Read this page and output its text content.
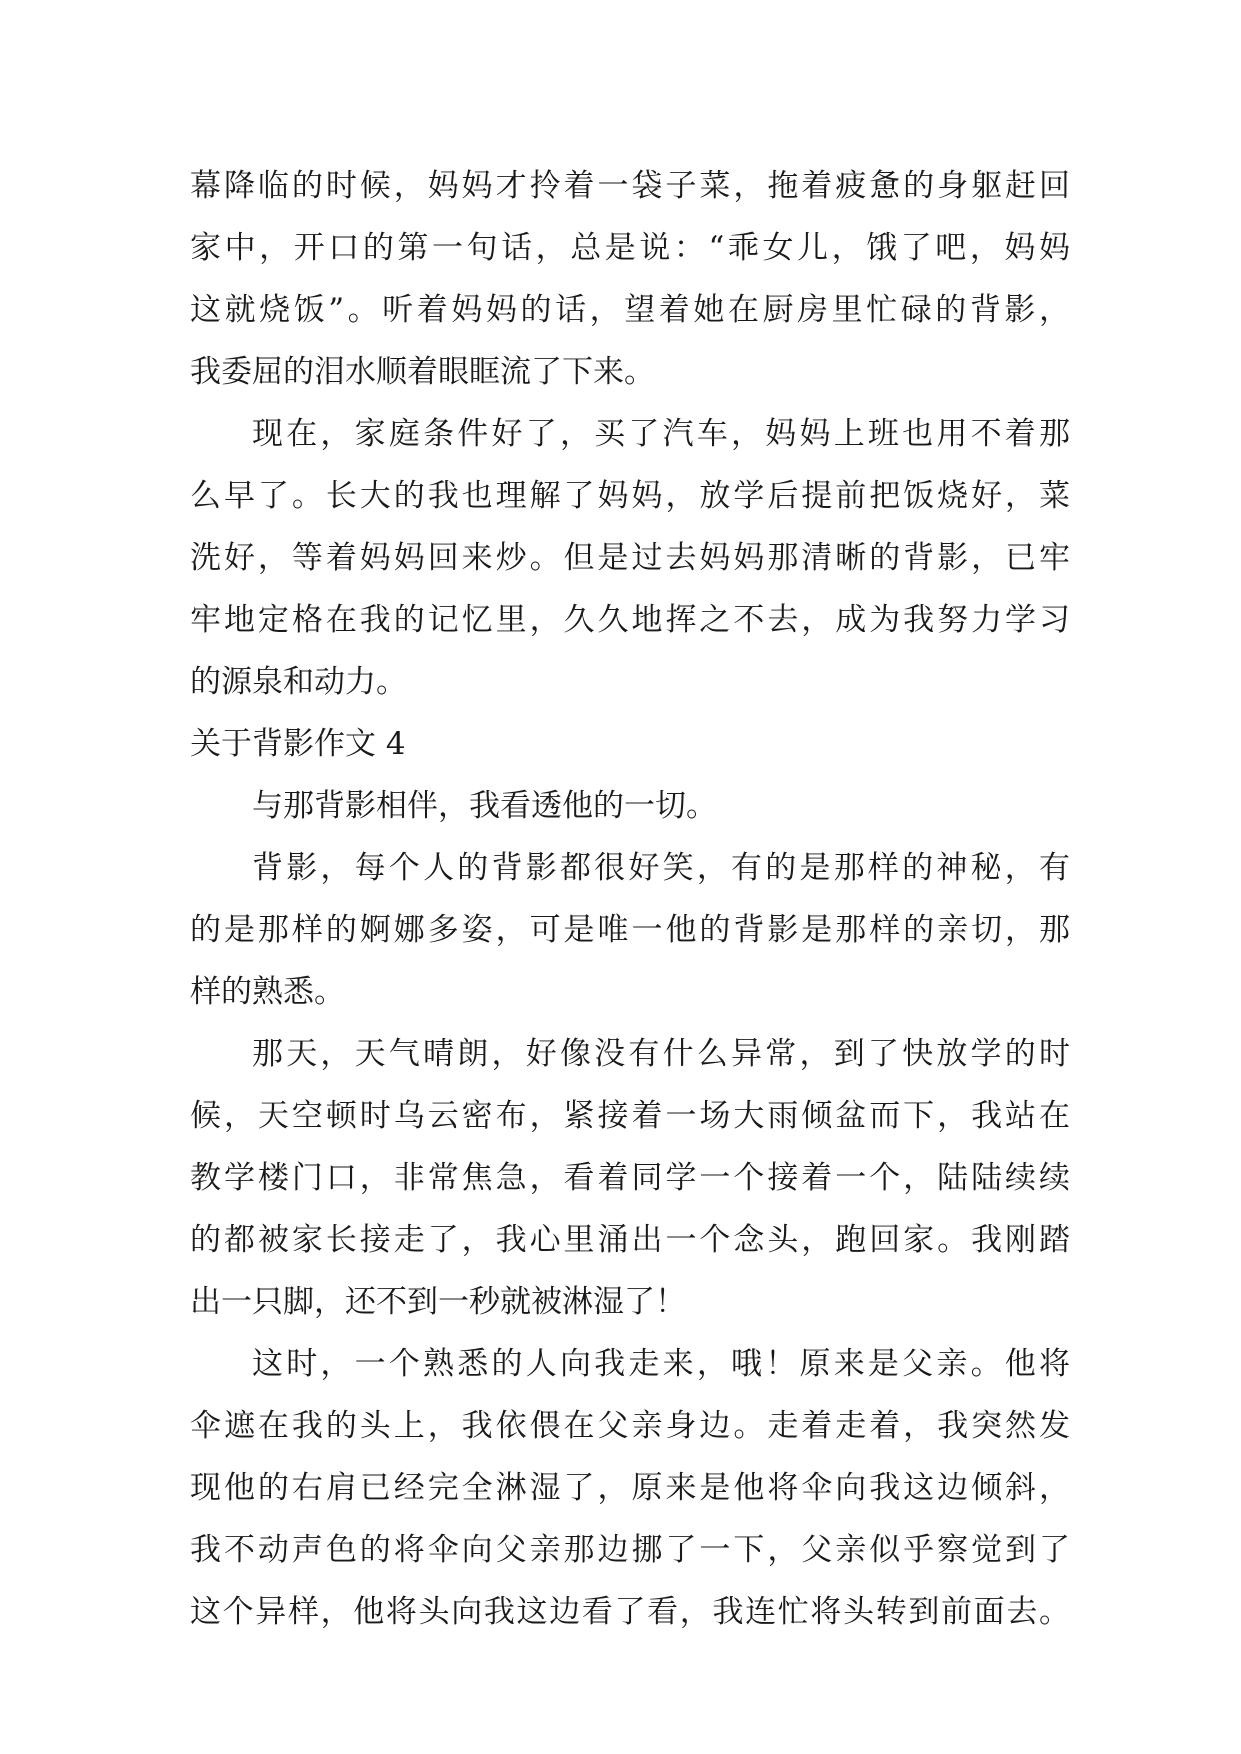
幕降临的时候，妈妈才拎着一袋子菜，拖着疲惫的身躯赶回
家中，开口的第一句话，总是说：“乖女儿，饿了吧，妈妈
这就烧饭”。听着妈妈的话，望着她在厨房里忙碌的背影，
我委屈的泪水顺着眼眶流了下来。
现在，家庭条件好了，买了汽车，妈妈上班也用不着那
么早了。长大的我也理解了妈妈，放学后提前把饭烧好，菜
洗好，等着妈妈回来炒。但是过去妈妈那清晰的背影，已牢
牢地定格在我的记忆里，久久地挥之不去，成为我努力学习
的源泉和动力。
关于背影作文 4
与那背影相伴，我看透他的一切。
背影，每个人的背影都很好笑，有的是那样的神秘，有
的是那样的婀娜多姿，可是唯一他的背影是那样的亲切，那
样的熟悉。
那天，天气晴朗，好像没有什么异常，到了快放学的时
候，天空顿时乌云密布，紧接着一场大雨倾盆而下，我站在
教学楼门口，非常焦急，看着同学一个接着一个，陆陆续续
的都被家长接走了，我心里涌出一个念头，跑回家。我刚踏
出一只脚，还不到一秒就被淋湿了！
这时，一个熟悉的人向我走来，哦！原来是父亲。他将
伞遮在我的头上，我依偎在父亲身边。走着走着，我突然发
现他的右肩已经完全淋湿了，原来是他将伞向我这边倾斜，
我不动声色的将伞向父亲那边挪了一下，父亲似乎察觉到了
这个异样，他将头向我这边看了看，我连忙将头转到前面去。
